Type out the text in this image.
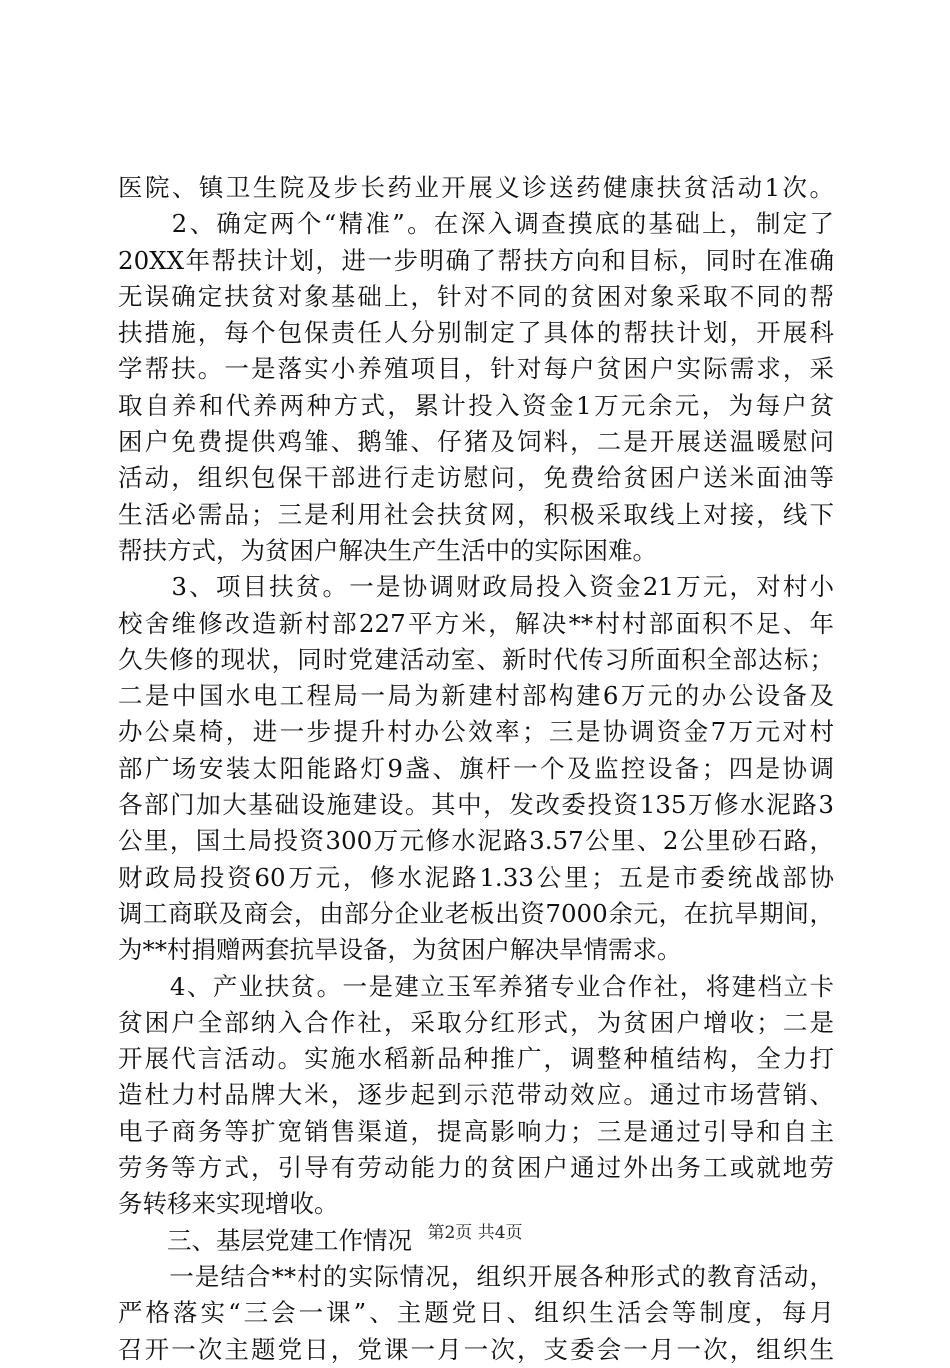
医院、镇卫生院及步长药业开展义诊送药健康扶贫活动1次。
　　2、确定两个“精准”。在深入调查摸底的基础上，制定了
20XX年帮扶计划，进一步明确了帮扶方向和目标，同时在准确
无误确定扶贫对象基础上，针对不同的贫困对象采取不同的帮
扶措施，每个包保责任人分别制定了具体的帮扶计划，开展科
学帮扶。一是落实小养殖项目，针对每户贫困户实际需求，采
取自养和代养两种方式，累计投入资金1万元余元，为每户贫
困户免费提供鸡雏、鹅雏、仔猪及饲料，二是开展送温暖慰问
活动，组织包保干部进行走访慰问，免费给贫困户送米面油等
生活必需品；三是利用社会扶贫网，积极采取线上对接，线下
帮扶方式，为贫困户解决生产生活中的实际困难。
　　3、项目扶贫。一是协调财政局投入资金21万元，对村小
校舍维修改造新村部227平方米，解决**村村部面积不足、年
久失修的现状，同时党建活动室、新时代传习所面积全部达标；
二是中国水电工程局一局为新建村部构建6万元的办公设备及
办公桌椅，进一步提升村办公效率；三是协调资金7万元对村
部广场安装太阳能路灯9盏、旗杆一个及监控设备；四是协调
各部门加大基础设施建设。其中，发改委投资135万修水泥路3
公里，国土局投资300万元修水泥路3.57公里、2公里砂石路，
财政局投资60万元，修水泥路1.33公里；五是市委统战部协
调工商联及商会，由部分企业老板出资7000余元，在抗旱期间，
为**村捐赠两套抗旱设备，为贫困户解决旱情需求。
　　4、产业扶贫。一是建立玉军养猪专业合作社，将建档立卡
贫困户全部纳入合作社，采取分红形式，为贫困户增收；二是
开展代言活动。实施水稻新品种推广，调整种植结构，全力打
造杜力村品牌大米，逐步起到示范带动效应。通过市场营销、
电子商务等扩宽销售渠道，提高影响力；三是通过引导和自主
劳务等方式，引导有劳动能力的贫困户通过外出务工或就地劳
务转移来实现增收。
　　三、基层党建工作情况
　　一是结合**村的实际情况，组织开展各种形式的教育活动，
严格落实“三会一课”、主题党日、组织生活会等制度，每月
召开一次主题党日，党课一月一次，支委会一月一次，组织生
第2页 共4页
